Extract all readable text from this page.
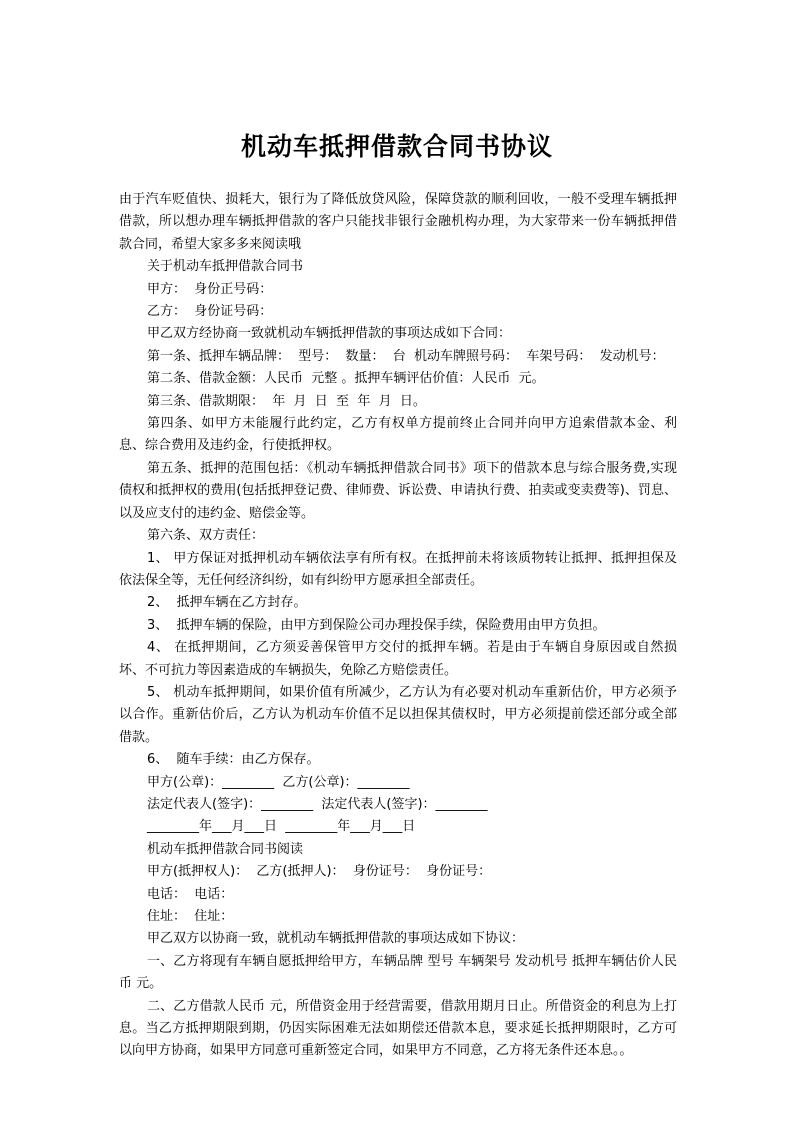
机动车抵押借款合同书协议

由于汽车贬值快、损耗大，银行为了降低放贷风险，保障贷款的顺利回收，一般不受理车辆抵押借款，所以想办理车辆抵押借款的客户只能找非银行金融机构办理，为大家带来一份车辆抵押借款合同，希望大家多多来阅读哦

关于机动车抵押借款合同书

甲方：  身份正号码：

乙方：  身份证号码：

甲乙双方经协商一致就机动车辆抵押借款的事项达成如下合同：

第一条、抵押车辆品牌：  型号：  数量：  台  机动车牌照号码：  车架号码：  发动机号：

第二条、借款金额：人民币  元整 。抵押车辆评估价值：人民币  元。

第三条、借款期限：  年  月  日  至  年  月  日。

第四条、如甲方未能履行此约定，乙方有权单方提前终止合同并向甲方追索借款本金、利息、综合费用及违约金，行使抵押权。

第五条、抵押的范围包括：《机动车辆抵押借款合同书》项下的借款本息与综合服务费,实现债权和抵押权的费用(包括抵押登记费、律师费、诉讼费、申请执行费、拍卖或变卖费等)、罚息、以及应支付的违约金、赔偿金等。

第六条、双方责任：

1、 甲方保证对抵押机动车辆依法享有所有权。在抵押前未将该质物转让抵押、抵押担保及依法保全等，无任何经济纠纷，如有纠纷甲方愿承担全部责任。

2、  抵押车辆在乙方封存。

3、  抵押车辆的保险，由甲方到保险公司办理投保手续，保险费用由甲方负担。

4、 在抵押期间，乙方须妥善保管甲方交付的抵押车辆。若是由于车辆自身原因或自然损坏、不可抗力等因素造成的车辆损失，免除乙方赔偿责任。

5、 机动车抵押期间，如果价值有所减少，乙方认为有必要对机动车重新估价，甲方必须予以合作。重新估价后，乙方认为机动车价值不足以担保其债权时，甲方必须提前偿还部分或全部借款。

6、  随车手续：由乙方保存。

甲方(公章)：________  乙方(公章)：________

法定代表人(签字)：________  法定代表人(签字)：________

________年___月___日  ________年___月___日

机动车抵押借款合同书阅读

甲方(抵押权人)：  乙方(抵押人)：  身份证号：  身份证号：

电话：  电话：

住址：  住址：

甲乙双方以协商一致，就机动车辆抵押借款的事项达成如下协议：

一、乙方将现有车辆自愿抵押给甲方，车辆品牌 型号 车辆架号 发动机号 抵押车辆估价人民币 元。

二、乙方借款人民币 元，所借资金用于经营需要，借款用期月日止。所借资金的利息为上打息。当乙方抵押期限到期，仍因实际困难无法如期偿还借款本息，要求延长抵押期限时，乙方可以向甲方协商，如果甲方同意可重新签定合同，如果甲方不同意，乙方将无条件还本息。。
